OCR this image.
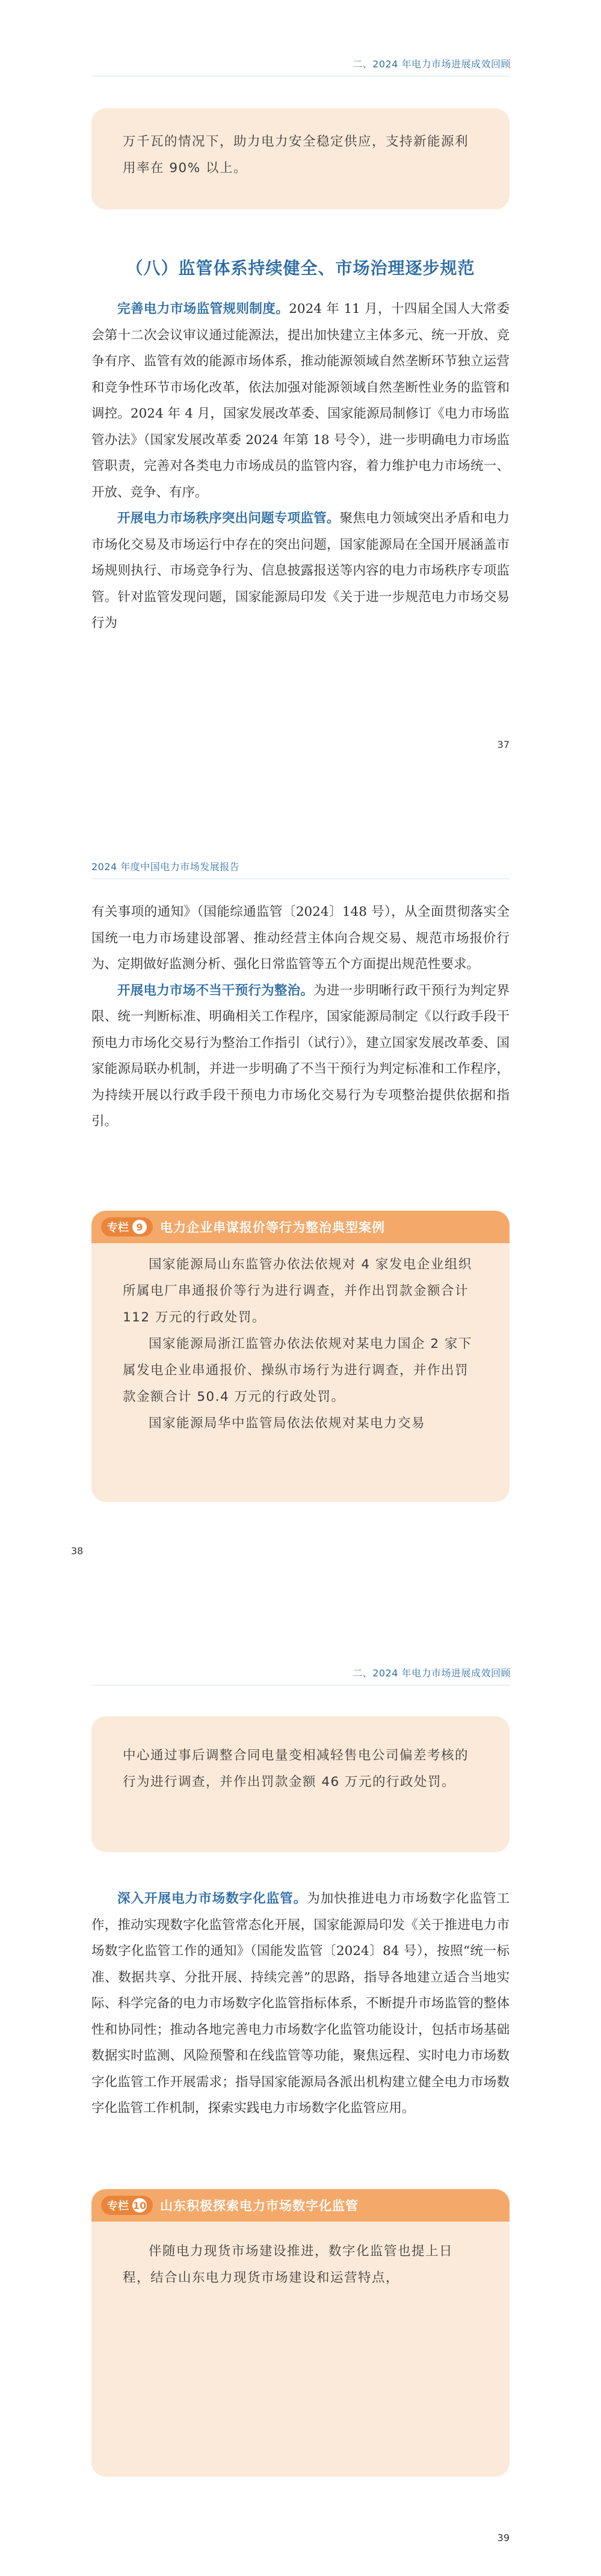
二、2024 年电力市场进展成效回顾

万千瓦的情况下，助力电力安全稳定供应，支持新能源利用率在 90% 以上。

（八）监管体系持续健全、市场治理逐步规范

完善电力市场监管规则制度。2024 年 11 月，十四届全国人大常委会第十二次会议审议通过能源法，提出加快建立主体多元、统一开放、竞争有序、监管有效的能源市场体系，推动能源领域自然垄断环节独立运营和竞争性环节市场化改革，依法加强对能源领域自然垄断性业务的监管和调控。2024 年 4 月，国家发展改革委、国家能源局制修订《电力市场监管办法》（国家发展改革委 2024 年第 18 号令），进一步明确电力市场监管职责，完善对各类电力市场成员的监管内容，着力维护电力市场统一、开放、竞争、有序。

开展电力市场秩序突出问题专项监管。聚焦电力领域突出矛盾和电力市场化交易及市场运行中存在的突出问题，国家能源局在全国开展涵盖市场规则执行、市场竞争行为、信息披露报送等内容的电力市场秩序专项监管。针对监管发现问题，国家能源局印发《关于进一步规范电力市场交易行为

37
2024 年度中国电力市场发展报告

有关事项的通知》（国能综通监管〔2024〕148 号），从全面贯彻落实全国统一电力市场建设部署、推动经营主体向合规交易、规范市场报价行为、定期做好监测分析、强化日常监管等五个方面提出规范性要求。

开展电力市场不当干预行为整治。为进一步明晰行政干预行为判定界限、统一判断标准、明确相关工作程序，国家能源局制定《以行政手段干预电力市场化交易行为整治工作指引（试行）》，建立国家发展改革委、国家能源局联办机制，并进一步明确了不当干预行为判定标准和工作程序，为持续开展以行政手段干预电力市场化交易行为专项整治提供依据和指引。

专栏 9	电力企业串谋报价等行为整治典型案例

国家能源局山东监管办依法依规对 4 家发电企业组织所属电厂串通报价等行为进行调查，并作出罚款金额合计 112 万元的行政处罚。

国家能源局浙江监管办依法依规对某电力国企 2 家下属发电企业串通报价、操纵市场行为进行调查，并作出罚款金额合计 50.4 万元的行政处罚。

国家能源局华中监管局依法依规对某电力交易

38
二、2024 年电力市场进展成效回顾

中心通过事后调整合同电量变相减轻售电公司偏差考核的行为进行调查，并作出罚款金额 46 万元的行政处罚。

深入开展电力市场数字化监管。为加快推进电力市场数字化监管工作，推动实现数字化监管常态化开展，国家能源局印发《关于推进电力市场数字化监管工作的通知》（国能发监管〔2024〕84 号），按照“统一标准、数据共享、分批开展、持续完善”的思路，指导各地建立适合当地实际、科学完备的电力市场数字化监管指标体系，不断提升市场监管的整体性和协同性；推动各地完善电力市场数字化监管功能设计，包括市场基础数据实时监测、风险预警和在线监管等功能，聚焦远程、实时电力市场数字化监管工作开展需求；指导国家能源局各派出机构建立健全电力市场数字化监管工作机制，探索实践电力市场数字化监管应用。

专栏 10 山东积极探索电力市场数字化监管

伴随电力现货市场建设推进，数字化监管也提上日程，结合山东电力现货市场建设和运营特点，

39
